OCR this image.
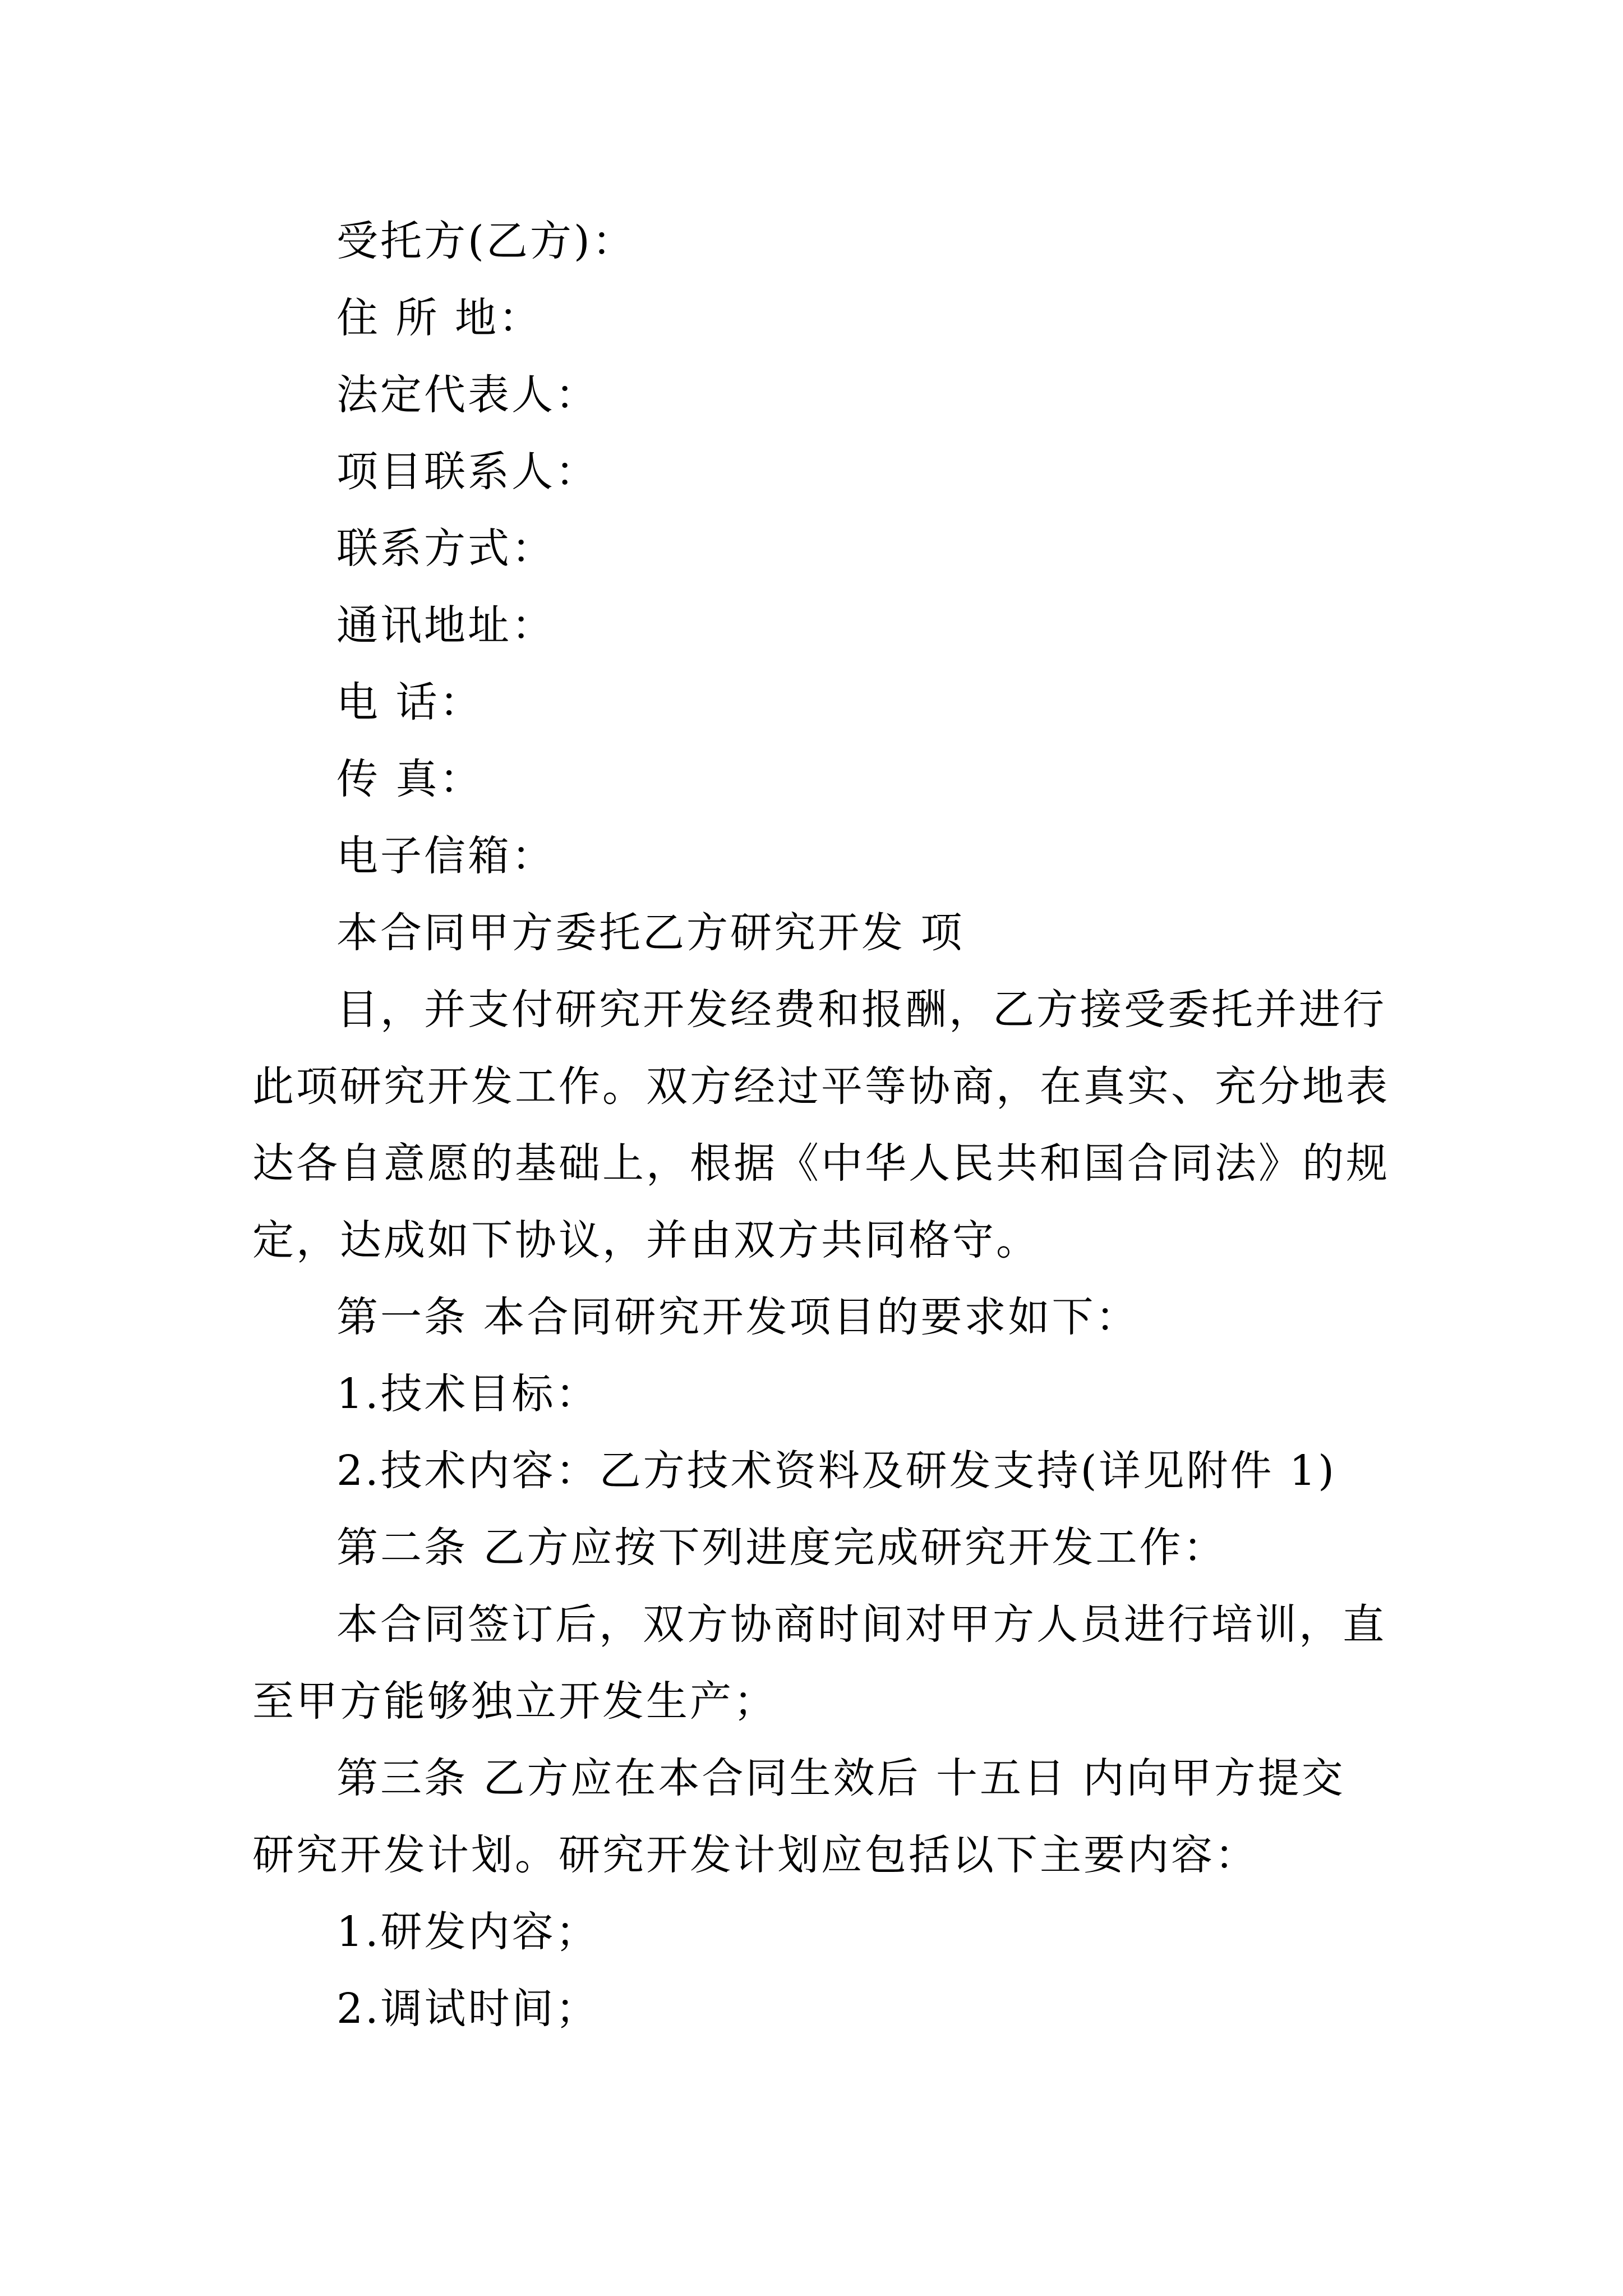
受托方(乙方)：
住 所 地：
法定代表人：
项目联系人：
联系方式：
通讯地址：
电 话：
传 真：
电子信箱：
本合同甲方委托乙方研究开发 项
目，并支付研究开发经费和报酬，乙方接受委托并进行
此项研究开发工作。双方经过平等协商，在真实、充分地表
达各自意愿的基础上，根据《中华人民共和国合同法》的规
定，达成如下协议，并由双方共同格守。
第一条 本合同研究开发项目的要求如下：
1.技术目标：
2.技术内容：乙方技术资料及研发支持(详见附件 1)
第二条 乙方应按下列进度完成研究开发工作：
本合同签订后，双方协商时间对甲方人员进行培训，直
至甲方能够独立开发生产；
第三条 乙方应在本合同生效后 十五日 内向甲方提交
研究开发计划。研究开发计划应包括以下主要内容：
1.研发内容；
2.调试时间；
